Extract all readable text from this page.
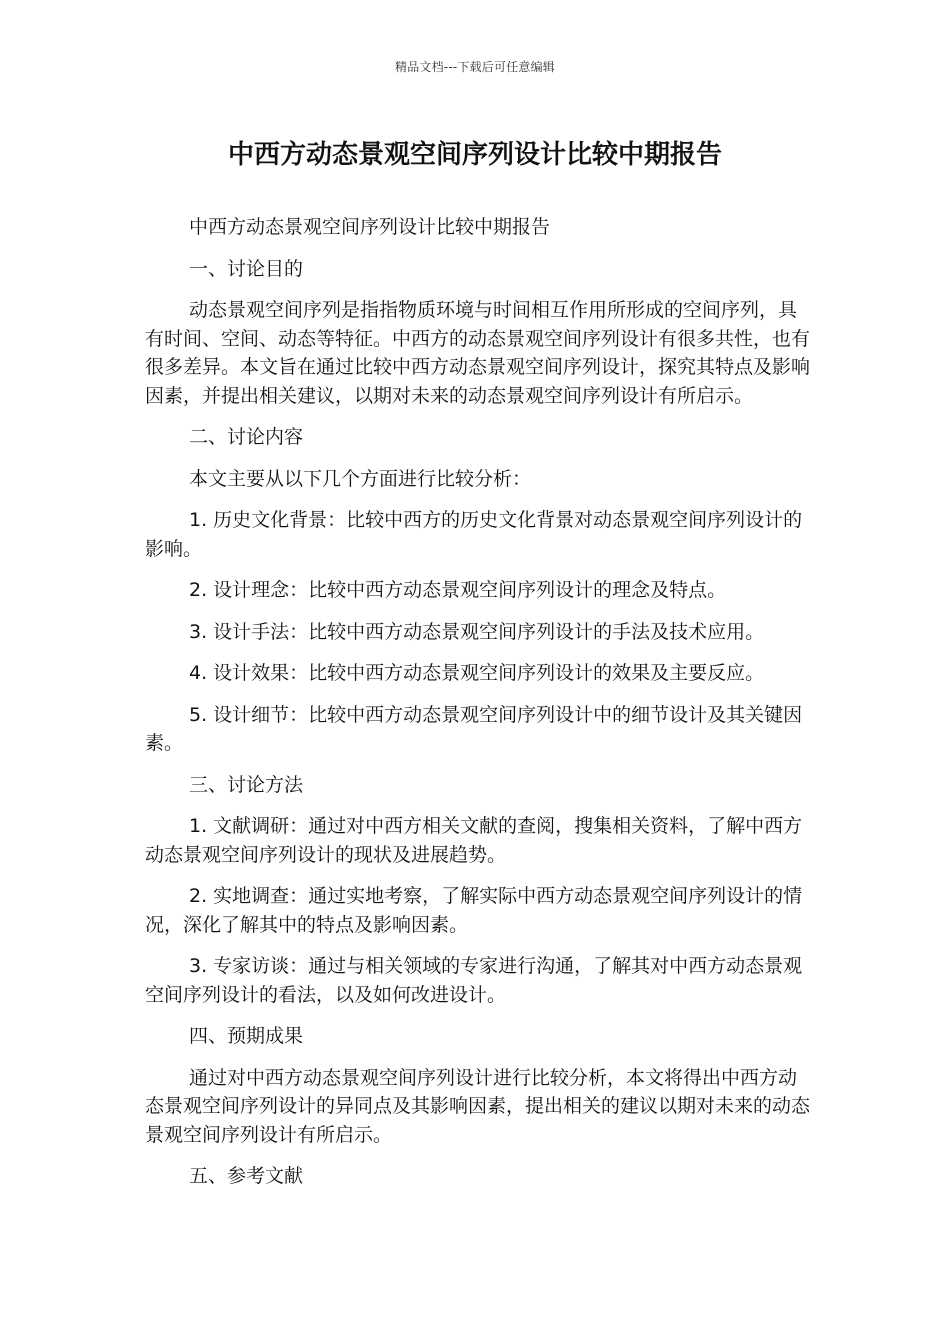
精品文档---下载后可任意编辑
中西方动态景观空间序列设计比较中期报告

中西方动态景观空间序列设计比较中期报告

一、讨论目的

动态景观空间序列是指指物质环境与时间相互作用所形成的空间序列，具有时间、空间、动态等特征。中西方的动态景观空间序列设计有很多共性，也有很多差异。本文旨在通过比较中西方动态景观空间序列设计，探究其特点及影响因素，并提出相关建议，以期对未来的动态景观空间序列设计有所启示。

二、讨论内容

本文主要从以下几个方面进行比较分析：

1. 历史文化背景：比较中西方的历史文化背景对动态景观空间序列设计的影响。

2. 设计理念：比较中西方动态景观空间序列设计的理念及特点。

3. 设计手法：比较中西方动态景观空间序列设计的手法及技术应用。

4. 设计效果：比较中西方动态景观空间序列设计的效果及主要反应。

5. 设计细节：比较中西方动态景观空间序列设计中的细节设计及其关键因素。

三、讨论方法

1. 文献调研：通过对中西方相关文献的查阅，搜集相关资料，了解中西方动态景观空间序列设计的现状及进展趋势。

2. 实地调查：通过实地考察，了解实际中西方动态景观空间序列设计的情况，深化了解其中的特点及影响因素。

3. 专家访谈：通过与相关领域的专家进行沟通，了解其对中西方动态景观空间序列设计的看法，以及如何改进设计。

四、预期成果

通过对中西方动态景观空间序列设计进行比较分析，本文将得出中西方动态景观空间序列设计的异同点及其影响因素，提出相关的建议以期对未来的动态景观空间序列设计有所启示。

五、参考文献
